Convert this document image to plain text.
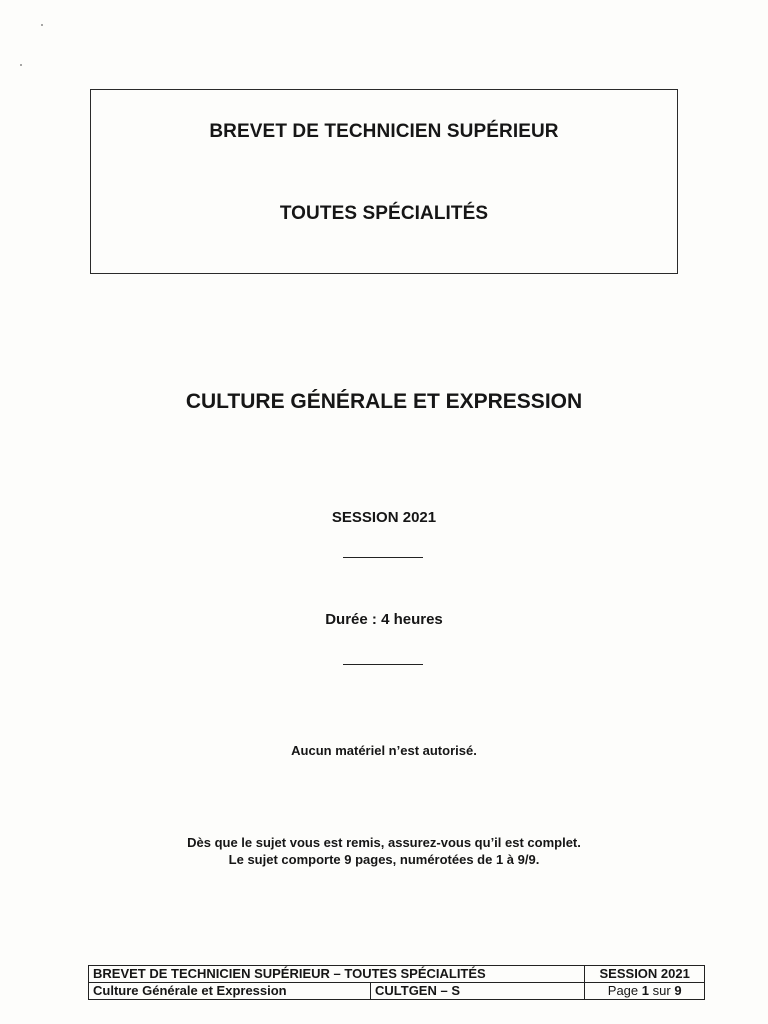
BREVET DE TECHNICIEN SUPÉRIEUR
TOUTES SPÉCIALITÉS
CULTURE GÉNÉRALE ET EXPRESSION
SESSION 2021
Durée : 4 heures
Aucun matériel n’est autorisé.
Dès que le sujet vous est remis, assurez-vous qu’il est complet.
Le sujet comporte 9 pages, numérotées de 1 à 9/9.
BREVET DE TECHNICIEN SUPÉRIEUR – TOUTES SPÉCIALITÉS		SESSION 2021
Culture Générale et Expression	CULTGEN – S	Page 1 sur 9
